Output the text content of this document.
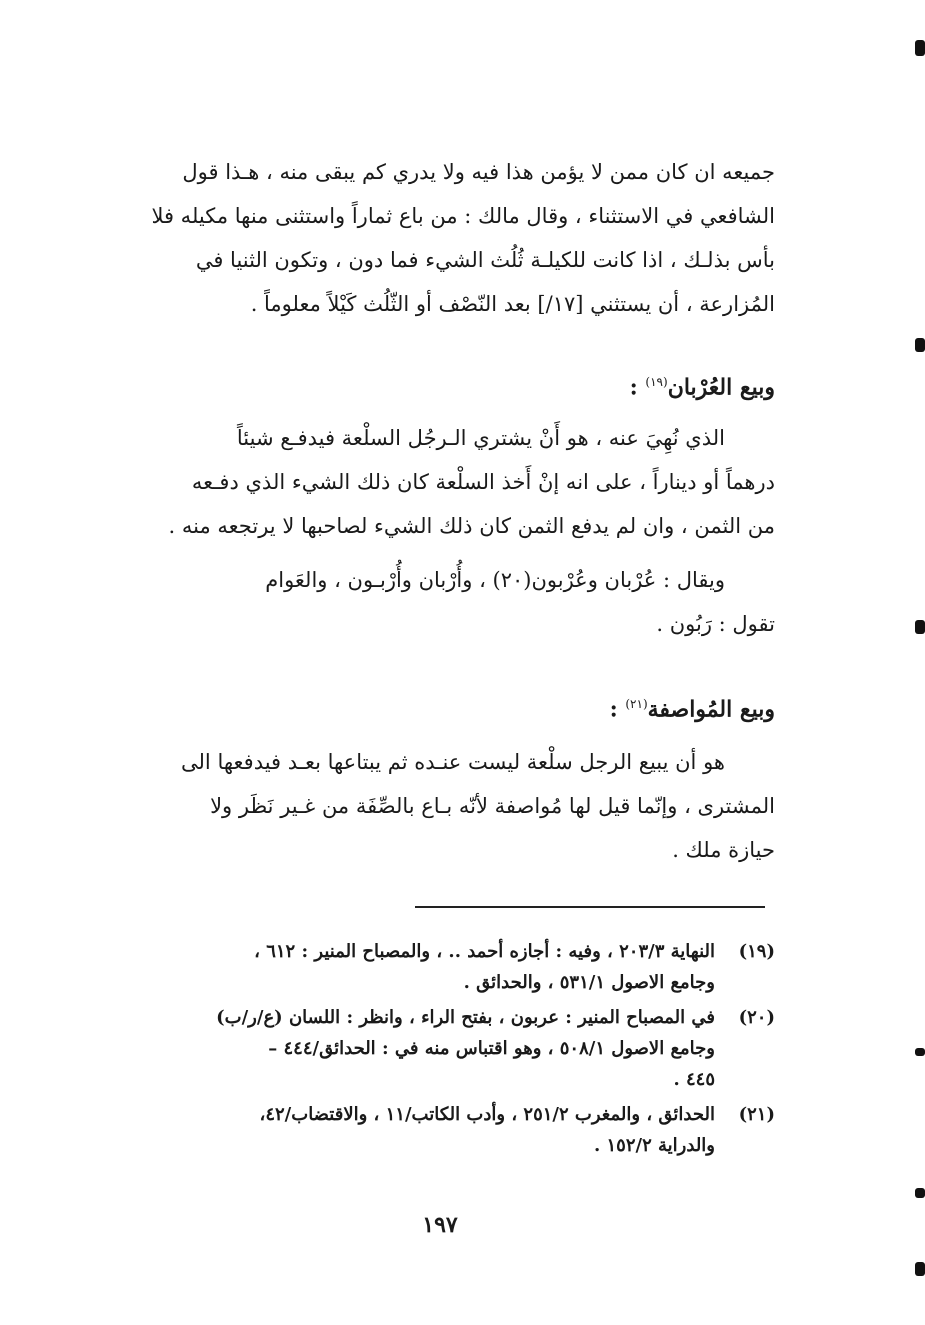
جميعه ان كان ممن لا يؤمن هذا فيه ولا يدري كم يبقى منه ، هـذا قول
الشافعي في الاستثناء ، وقال مالك : من باع ثماراً واستثنى منها مكيله فلا
بأس بذلـك ، اذا كانت للكيلـة ثُلُث الشيء فما دون ، وتكون الثنيا في
المُزارعة ، أن يستثني [١٧/] بعد النّصْف أو الثّلُث كَيْلاً معلوماً .
وبيع العُرْبان$^{(١٩)}$ :
الذي نُهِيَ عنه ، هو أَنْ يشتري الـرجُل السلْعة فيدفـع شيئاً
درهماً أو ديناراً ، على انه إنْ أَخذ السلْعة كان ذلك الشيء الذي دفـعه
من الثمن ، وان لم يدفع الثمن كان ذلك الشيء لصاحبها لا يرتجعه منه .
ويقال : عُرْبان وعُرْبون(٢٠) ، وأُرْبان وأُرْبـون ، والعَوام
تقول : رَبُون .
وبيع المُواصفة$^{(٢١)}$ :
هو أن يبيع الرجل سلْعة ليست عنـده ثم يبتاعها بعـد فيدفعها الى
المشترى ، وإنّما قيل لها مُواصفة لأنّه بـاع بالصِّفَة من غـير نَظَر ولا
حيازة ملك .
(١٩)
النهاية ٢٠٣/٣ ، وفيه : أجازه أحمد .. ، والمصباح المنير : ٦١٢ ،
وجامع الاصول ٥٣١/١ ، والحدائق .
(٢٠)
في المصباح المنير : عربون ، بفتح الراء ، وانظر : اللسان (ع/ر/ب)
وجامع الاصول ٥٠٨/١ ، وهو اقتباس منه في : الحدائق/٤٤٤ –
٤٤٥ .
(٢١)
الحدائق ، والمغرب ٢٥١/٢ ، وأدب الكاتب/١١ ، والاقتضاب/٤٢،
والدراية ١٥٢/٢ .
١٩٧
